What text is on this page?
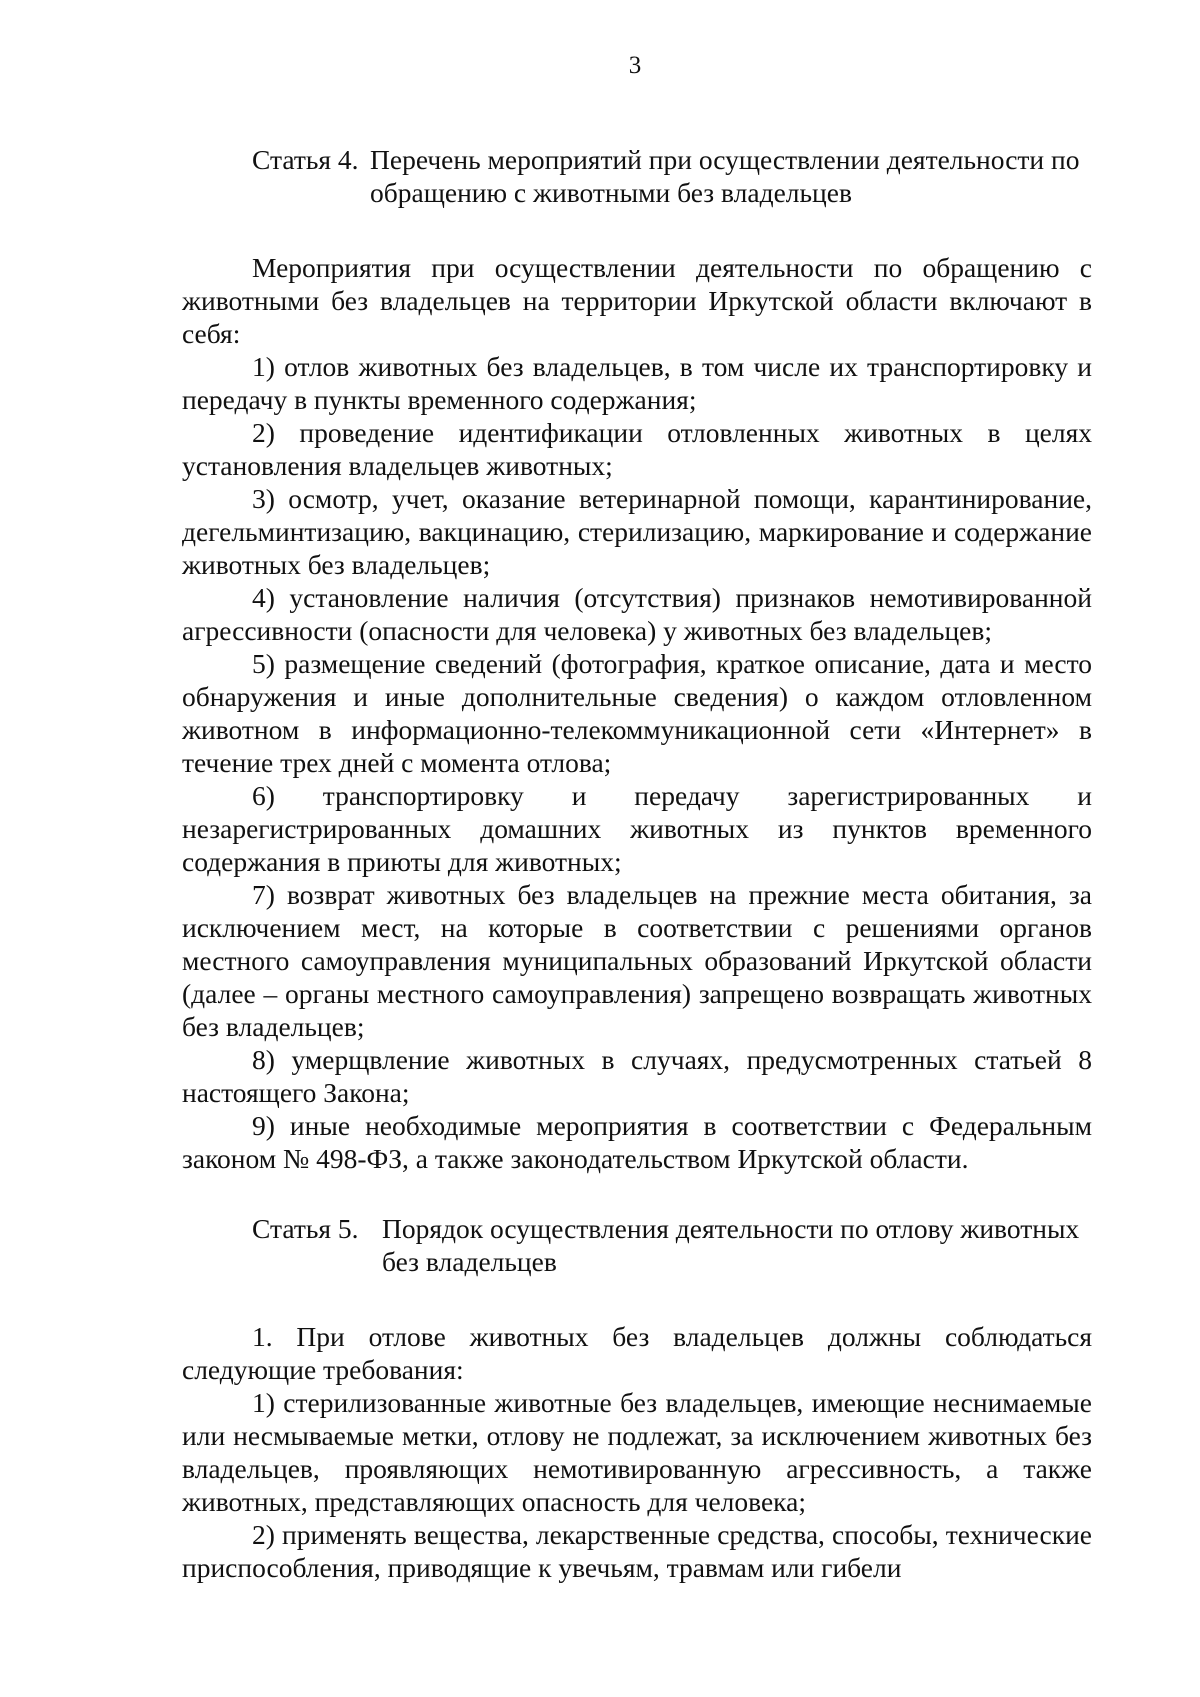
3
Статья 4. Перечень мероприятий при осуществлении деятельности по обращению с животными без владельцев

Мероприятия при осуществлении деятельности по обращению с животными без владельцев на территории Иркутской области включают в себя:

1) отлов животных без владельцев, в том числе их транспортировку и передачу в пункты временного содержания;

2) проведение идентификации отловленных животных в целях установления владельцев животных;

3) осмотр, учет, оказание ветеринарной помощи, карантинирование, дегельминтизацию, вакцинацию, стерилизацию, маркирование и содержание животных без владельцев;

4) установление наличия (отсутствия) признаков немотивированной агрессивности (опасности для человека) у животных без владельцев;

5) размещение сведений (фотография, краткое описание, дата и место обнаружения и иные дополнительные сведения) о каждом отловленном животном в информационно-телекоммуникационной сети «Интернет» в течение трех дней с момента отлова;

6) транспортировку и передачу зарегистрированных и незарегистрированных домашних животных из пунктов временного содержания в приюты для животных;

7) возврат животных без владельцев на прежние места обитания, за исключением мест, на которые в соответствии с решениями органов местного самоуправления муниципальных образований Иркутской области (далее – органы местного самоуправления) запрещено возвращать животных без владельцев;

8) умерщвление животных в случаях, предусмотренных статьей 8 настоящего Закона;

9) иные необходимые мероприятия в соответствии с Федеральным законом № 498-ФЗ, а также законодательством Иркутской области.

Статья 5. Порядок осуществления деятельности по отлову животных без владельцев

1. При отлове животных без владельцев должны соблюдаться следующие требования:

1) стерилизованные животные без владельцев, имеющие неснимаемые или несмываемые метки, отлову не подлежат, за исключением животных без владельцев, проявляющих немотивированную агрессивность, а также животных, представляющих опасность для человека;

2) применять вещества, лекарственные средства, способы, технические приспособления, приводящие к увечьям, травмам или гибели
